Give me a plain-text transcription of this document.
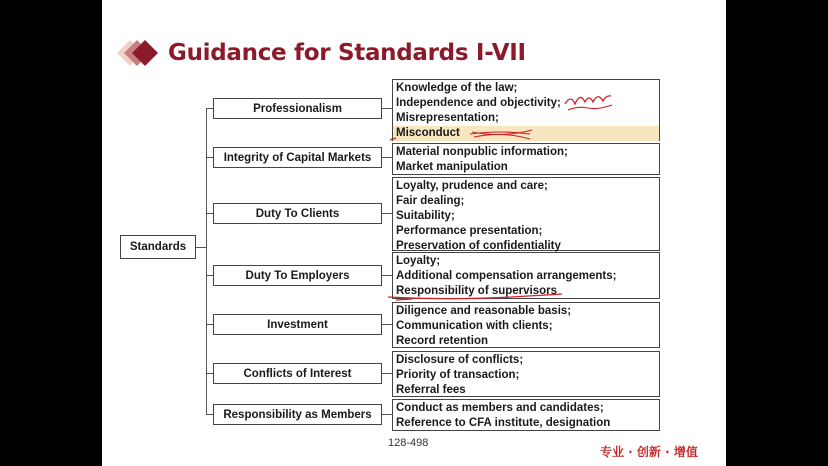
Guidance for Standards I-VII
Standards
Professionalism
Integrity of Capital Markets
Duty To Clients
Duty To Employers
Investment
Conflicts of Interest
Responsibility as Members
Knowledge of the law;
Independence and objectivity;
Misrepresentation;
Misconduct
Material nonpublic information;
Market manipulation
Loyalty, prudence and care;
Fair dealing;
Suitability;
Performance presentation;
Preservation of confidentiality
Loyalty;
Additional compensation arrangements;
Responsibility of supervisors
Diligence and reasonable basis;
Communication with clients;
Record retention
Disclosure of conflicts;
Priority of transaction;
Referral fees
Conduct as members and candidates;
Reference to CFA institute, designation
128-498
专业 · 创新 · 增值
